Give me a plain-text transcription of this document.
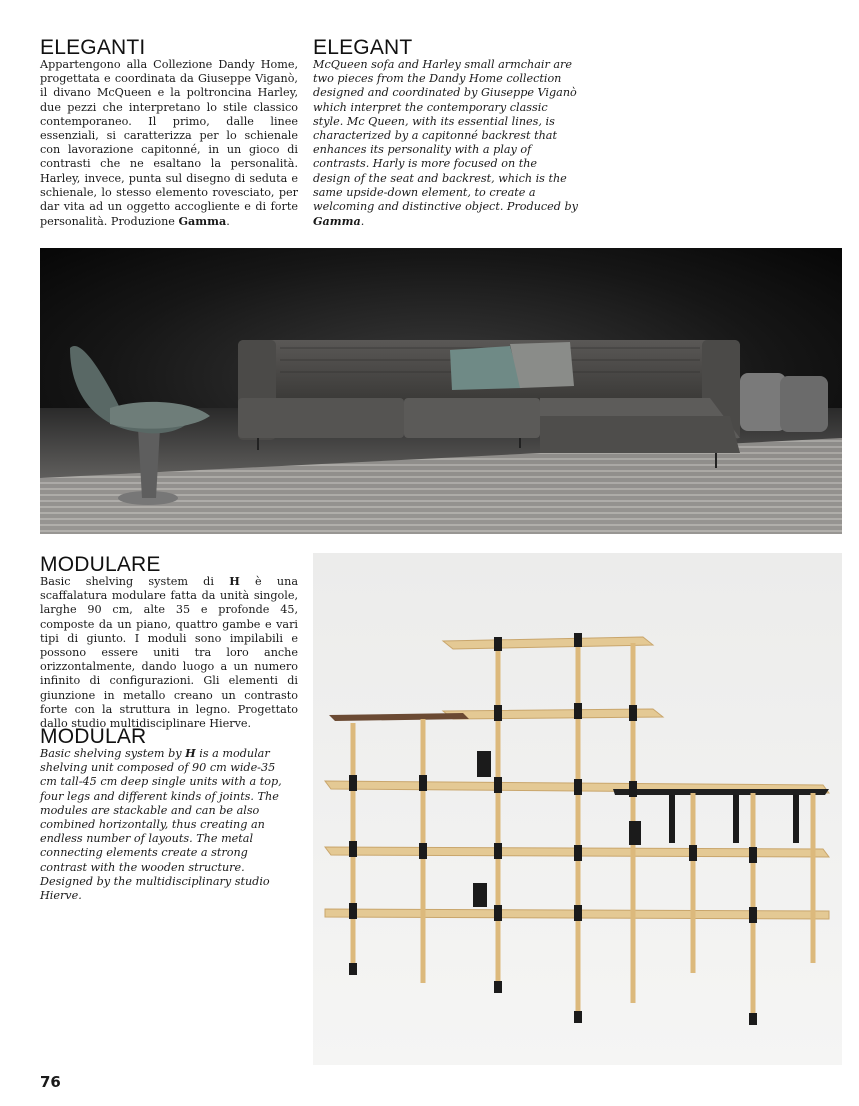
ELEGANTI

Appartengono alla Collezione Dandy Home, progettata e coordinata da Giuseppe Viganò, il divano McQueen e la poltroncina Harley, due pezzi che interpretano lo stile classico contemporaneo. Il primo, dalle linee essenziali, si caratterizza per lo schienale con lavorazione capitonné, in un gioco di contrasti che ne esaltano la personalità. Harley, invece, punta sul disegno di seduta e schienale, lo stesso elemento rovesciato, per dar vita ad un oggetto accogliente e di forte personalità. Produzione Gamma.

ELEGANT

McQueen sofa and Harley small armchair are two pieces from the Dandy Home collection designed and coordinated by Giuseppe Viganò which interpret the contemporary classic style. Mc Queen, with its essential lines, is characterized by a capitonné backrest that enhances its personality with a play of contrasts. Harly is more focused on the design of the seat and backrest, which is the same upside-down element, to create a welcoming and distinctive object. Produced by Gamma.

MODULARE

Basic shelving system di H è una scaffalatura modulare fatta da unità singole, larghe 90 cm, alte 35 e profonde 45, composte da un piano, quattro gambe e vari tipi di giunto. I moduli sono impilabili e possono essere uniti tra loro anche orizzontalmente, dando luogo a un numero infinito di configurazioni. Gli elementi di giunzione in metallo creano un contrasto forte con la struttura in legno. Progettato dallo studio multidisciplinare Hierve.

MODULAR

Basic shelving system by H is a modular shelving unit composed of 90 cm wide-35 cm tall-45 cm deep single units with a top, four legs and different kinds of joints. The modules are stackable and can be also combined horizontally, thus creating an endless number of layouts. The metal connecting elements create a strong contrast with the wooden structure. Designed by the multidisciplinary studio Hierve.

76
